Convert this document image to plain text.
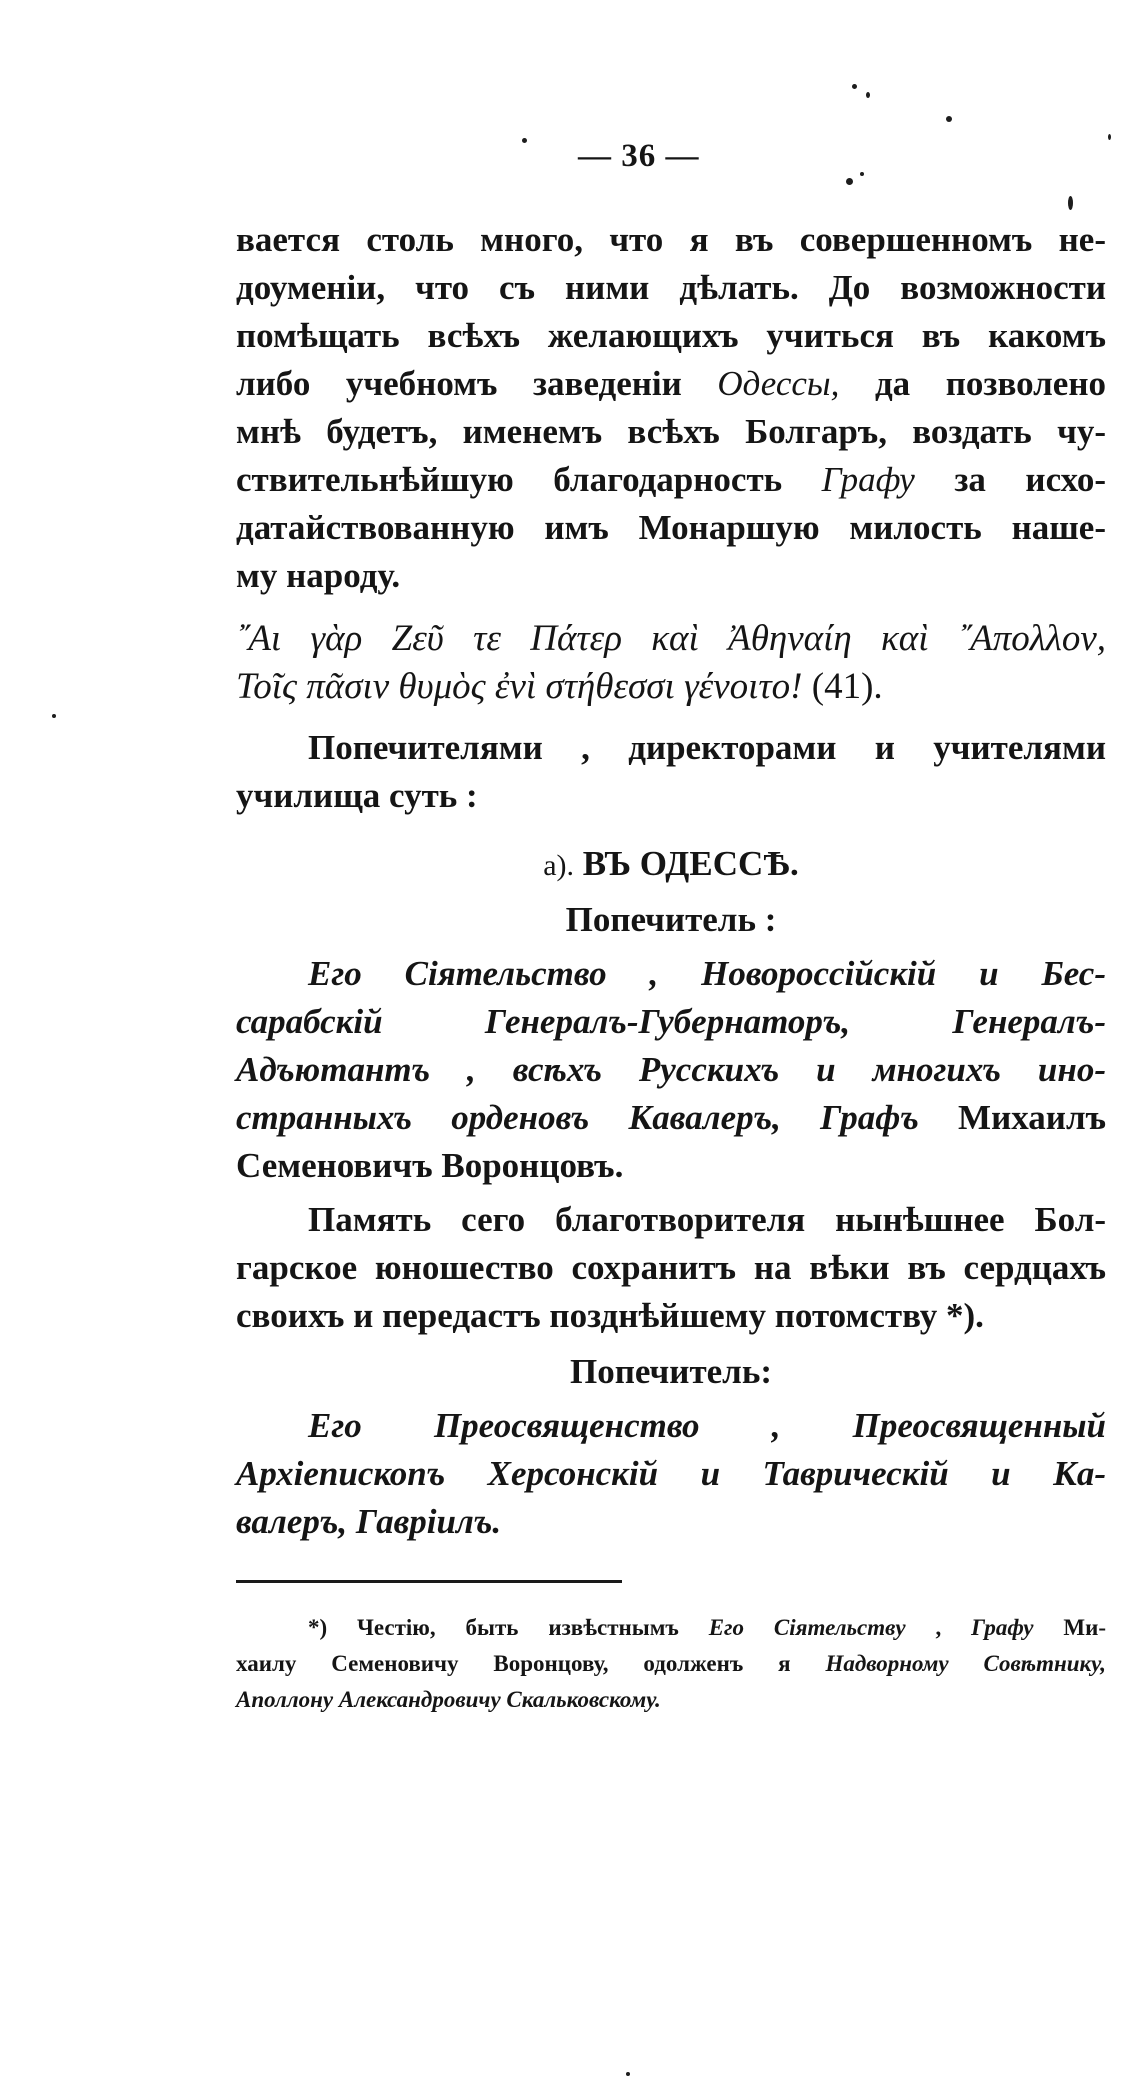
— 36 —
вается столь много, что я въ совершенномъ не-
доуменіи, что съ ними дѣлать. До возможности
помѣщать всѣхъ желающихъ учиться въ какомъ
либо учебномъ заведеніи Одессы, да позволено
мнѣ будетъ, именемъ всѣхъ Болгаръ, воздать чу-
ствительнѣйшую благодарность Графу за исхо-
датайствованную имъ Монаршую милость наше-
му народу.
῎Αι γὰρ Ζεῦ τε Πάτερ καὶ Ἀθηναίη καὶ ῎Απολλον,
Τοῖς πᾶσιν θυμὸς ἐνὶ στήθεσσι γένοιτο! (41).
Попечителями , директорами и учителями
училища суть :
а). ВЪ ОДЕССѢ.
Попечитель :
Его Сіятельство , Новороссійскій и Бес-
сарабскій Генералъ-Губернаторъ, Генералъ-
Адъютантъ , всѣхъ Русскихъ и многихъ ино-
странныхъ орденовъ Кавалеръ, Графъ Михаилъ
Семеновичъ Воронцовъ.
Память сего благотворителя нынѣшнее Бол-
гарское юношество сохранитъ на вѣки въ сердцахъ
своихъ и передастъ позднѣйшему потомству *).
Попечитель:
Его Преосвященство , Преосвященный
Архіепископъ Херсонскій и Таврическій и Ка-
валеръ, Гавріилъ.
*) Честію, быть извѣстнымъ Его Сіятельству , Графу Ми-
хаилу Семеновичу Воронцову, одолженъ я Надворному Совѣтнику,
Аполлону Александровичу Скальковскому.
